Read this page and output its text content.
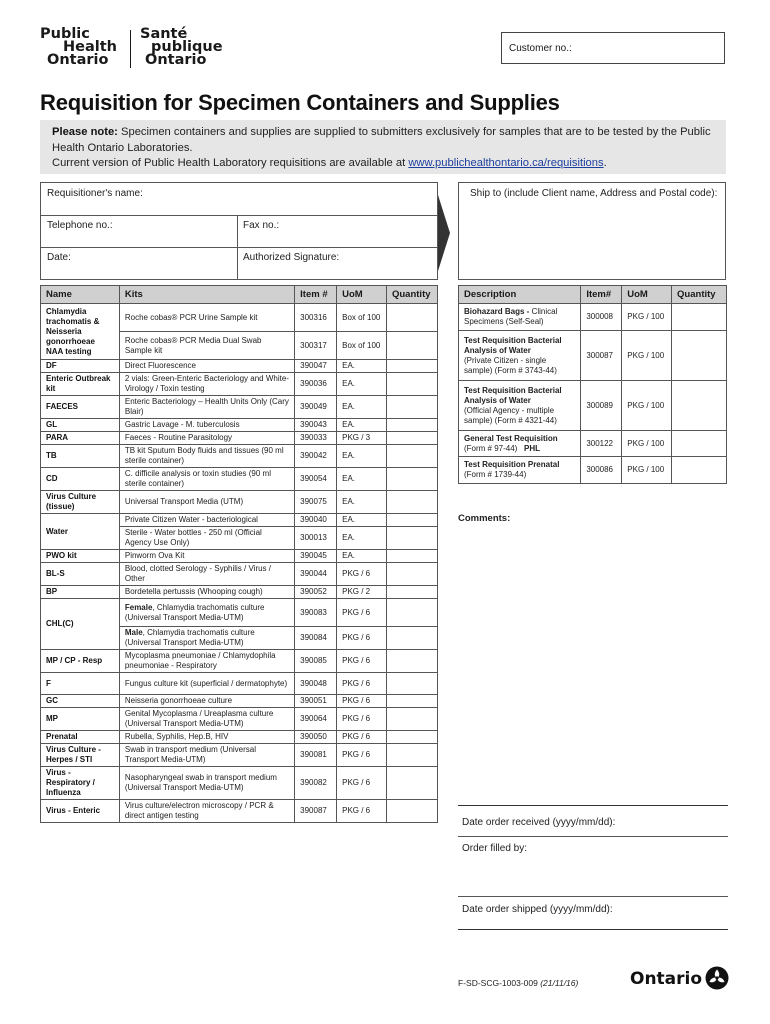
Public
Health
Ontario
Santé
publique
Ontario
Customer no.:
Requisition for Specimen Containers and Supplies
Please note: Specimen containers and supplies are supplied to submitters exclusively for samples that are to be tested by the Public Health Ontario Laboratories.
Current version of Public Health Laboratory requisitions are available at www.publichealthontario.ca/requisitions.
Requisitioner's name:
Telephone no.:	Fax no.:
Date:	Authorized Signature:
Ship to (include Client name, Address and Postal code):
Name	Kits	Item #	UoM	Quantity
Chlamydia trachomatis & Neisseria gonorrhoeae NAA testing	Roche cobas® PCR Urine Sample kit	300316	Box of 100	
	Roche cobas® PCR Media Dual Swab Sample kit	300317	Box of 100	
DF	Direct Fluorescence	390047	EA.	
Enteric Outbreak kit	2 vials: Green-Enteric Bacteriology and White-Virology / Toxin testing	390036	EA.	
FAECES	Enteric Bacteriology – Health Units Only (Cary Blair)	390049	EA.	
GL	Gastric Lavage - M. tuberculosis	390043	EA.	
PARA	Faeces - Routine Parasitology	390033	PKG / 3	
TB	TB kit Sputum Body fluids and tissues (90 ml sterile container)	390042	EA.	
CD	C. difficile analysis or toxin studies (90 ml sterile container)	390054	EA.	
Virus Culture (tissue)	Universal Transport Media (UTM)	390075	EA.	
Water	Private Citizen Water - bacteriological	390040	EA.	
	Sterile - Water bottles - 250 ml (Official Agency Use Only)	300013	EA.	
PWO kit	Pinworm Ova Kit	390045	EA.	
BL-S	Blood, clotted Serology - Syphilis / Virus / Other	390044	PKG / 6	
BP	Bordetella pertussis (Whooping cough)	390052	PKG / 2	
CHL(C)	Female, Chlamydia trachomatis culture (Universal Transport Media-UTM)	390083	PKG / 6	
	Male, Chlamydia trachomatis culture (Universal Transport Media-UTM)	390084	PKG / 6	
MP / CP - Resp	Mycoplasma pneumoniae / Chlamydophila pneumoniae - Respiratory	390085	PKG / 6	
F	Fungus culture kit (superficial / dermatophyte)	390048	PKG / 6	
GC	Neisseria gonorrhoeae culture	390051	PKG / 6	
MP	Genital Mycoplasma / Ureaplasma culture (Universal Transport Media-UTM)	390064	PKG / 6	
Prenatal	Rubella, Syphilis, Hep.B, HIV	390050	PKG / 6	
Virus Culture - Herpes / STI	Swab in transport medium (Universal Transport Media-UTM)	390081	PKG / 6	
Virus - Respiratory / Influenza	Nasopharyngeal swab in transport medium (Universal Transport Media-UTM)	390082	PKG / 6	
Virus - Enteric	Virus culture/electron microscopy / PCR & direct antigen testing	390087	PKG / 6	
Description	Item#	UoM	Quantity
Biohazard Bags - Clinical Specimens (Self-Seal)	300008	PKG / 100	
Test Requisition Bacterial Analysis of Water
(Private Citizen - single sample) (Form # 3743-44)	300087	PKG / 100	
Test Requisition Bacterial Analysis of Water
(Official Agency - multiple sample) (Form # 4321-44)	300089	PKG / 100	
General Test Requisition
(Form # 97-44) PHL	300122	PKG / 100	
Test Requisition Prenatal
(Form # 1739-44)	300086	PKG / 100	
Comments:
Date order received (yyyy/mm/dd):
Order filled by:
Date order shipped (yyyy/mm/dd):
F-SD-SCG-1003-009 (21/11/16)	Ontario
